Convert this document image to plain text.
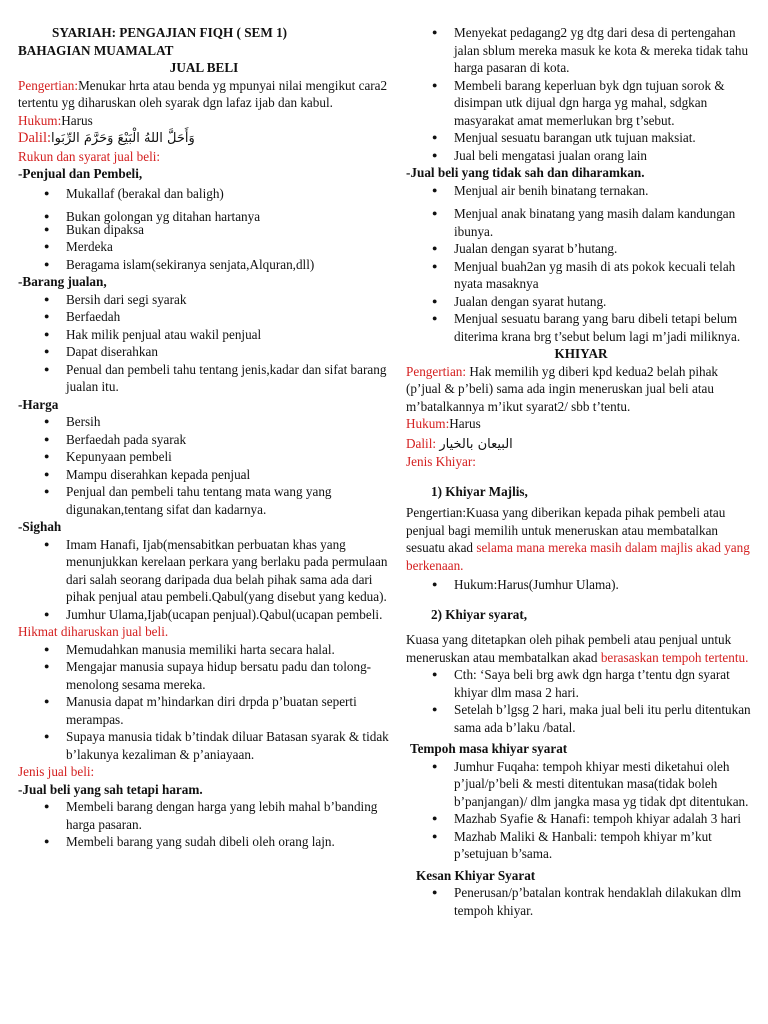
SYARIAH: PENGAJIAN FIQH ( SEM 1)

BAHAGIAN MUAMALAT

JUAL BELI

Pengertian:Menukar hrta atau benda yg mpunyai nilai mengikut cara2 tertentu yg diharuskan oleh syarak dgn lafaz ijab dan kabul.

Hukum:Harus

Dalil:وَأَحَلَّ اللهُ الْبَيْعَ وَحَرَّمَ الرِّبَوا

Rukun dan syarat jual beli:

-Penjual dan Pembeli,

● Mukallaf (berakal dan baligh)
● Bukan golongan yg ditahan hartanya
● Bukan dipaksa
● Merdeka
● Beragama islam(sekiranya senjata,Alquran,dll)

-Barang jualan,

● Bersih dari segi syarak
● Berfaedah
● Hak milik penjual atau wakil penjual
● Dapat diserahkan
● Penual dan pembeli tahu tentang jenis,kadar dan sifat barang jualan itu.

-Harga

● Bersih
● Berfaedah pada syarak
● Kepunyaan pembeli
● Mampu diserahkan kepada penjual
● Penjual dan pembeli tahu tentang mata wang yang digunakan,tentang sifat dan kadarnya.

-Sighah

● Imam Hanafi, Ijab(mensabitkan perbuatan khas yang menunjukkan kerelaan perkara yang berlaku pada permulaan dari salah seorang daripada dua belah pihak sama ada dari pihak penjual atau pembeli.Qabul(yang disebut yang kedua).
● Jumhur Ulama,Ijab(ucapan penjual).Qabul(ucapan pembeli.

Hikmat diharuskan jual beli.

● Memudahkan manusia memiliki harta secara halal.
● Mengajar manusia supaya hidup bersatu padu dan tolong-menolong sesama mereka.
● Manusia dapat m’hindarkan diri drpda p’buatan seperti merampas.
● Supaya manusia tidak b’tindak diluar Batasan syarak & tidak b’lakunya kezaliman & p’aniayaan.

Jenis jual beli:

-Jual beli yang sah tetapi haram.

● Membeli barang dengan harga yang lebih mahal b’banding harga pasaran.
● Membeli barang yang sudah dibeli oleh orang lajn.
● Menyekat pedagang2 yg dtg dari desa di pertengahan jalan sblum mereka masuk ke kota & mereka tidak tahu harga pasaran di kota.
● Membeli barang keperluan byk dgn tujuan sorok & disimpan utk dijual dgn harga yg mahal, sdgkan masyarakat amat memerlukan brg t’sebut.
● Menjual sesuatu barangan utk tujuan maksiat.
● Jual beli mengatasi jualan orang lain

-Jual beli yang tidak sah dan diharamkan.

● Menjual air benih binatang ternakan.
● Menjual anak binatang yang masih dalam kandungan ibunya.
● Jualan dengan syarat b’hutang.
● Menjual buah2an yg masih di ats pokok kecuali telah nyata masaknya
● Jualan dengan syarat hutang.
● Menjual sesuatu barang yang baru dibeli tetapi belum diterima krana brg t’sebut belum lagi m’jadi miliknya.

KHIYAR

Pengertian: Hak memilih yg diberi kpd kedua2 belah pihak (p’jual & p’beli) sama ada ingin meneruskan jual beli atau m’batalkannya m’ikut syarat2/ sbb t’tentu.

Hukum:Harus

Dalil: البيعان بالخيار

Jenis Khiyar:

1) Khiyar Majlis,

Pengertian:Kuasa yang diberikan kepada pihak pembeli atau penjual bagi memilih untuk meneruskan atau membatalkan sesuatu akad selama mana mereka masih dalam majlis akad yang berkenaan.

● Hukum:Harus(Jumhur Ulama).

2) Khiyar syarat,

Kuasa yang ditetapkan oleh pihak pembeli atau penjual untuk meneruskan atau membatalkan akad berasaskan tempoh tertentu.

● Cth: ‘Saya beli brg awk dgn harga t’tentu dgn syarat khiyar dlm masa 2 hari.
● Setelah b’lgsg 2 hari, maka jual beli itu perlu ditentukan sama ada b’laku /batal.

Tempoh masa khiyar syarat

● Jumhur Fuqaha: tempoh khiyar mesti diketahui oleh p’jual/p’beli & mesti ditentukan masa(tidak boleh b’panjangan)/ dlm jangka masa yg tidak dpt ditentukan.
● Mazhab Syafie & Hanafi: tempoh khiyar adalah 3 hari
● Mazhab Maliki & Hanbali: tempoh khiyar m’kut p’setujuan b’sama.

Kesan Khiyar Syarat

● Penerusan/p’batalan kontrak hendaklah dilakukan dlm tempoh khiyar.
